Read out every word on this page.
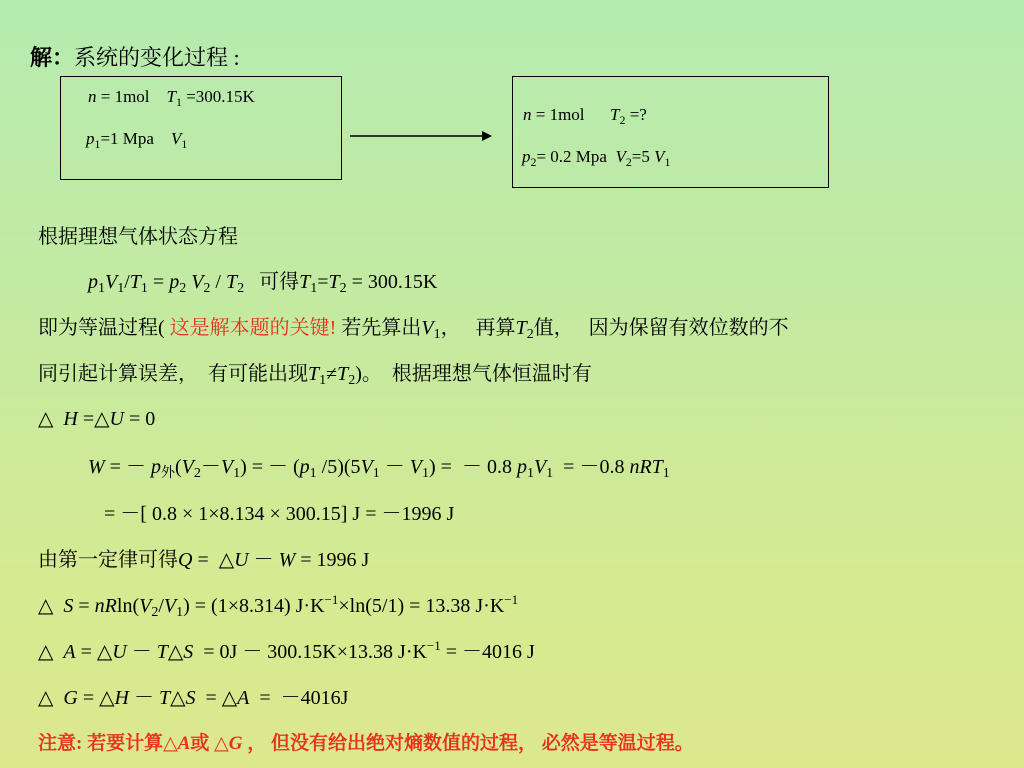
解：系统的变化过程 :
n = 1mol    $T_1 =300.15K$
$p_1=1$ Mpa    $V_1$
n = 1mol      $T_2$ =?
$p_2= 0.2$ Mpa  $V_2=5$ $V_1$
根据理想气体状态方程
$p_1V_1/T_1 = p_2$ $V_2 / T_2$   可得$T_1=T_2 = 300.15K$
即为等温过程( 这是解本题的关键! 若先算出$V_1$，   再算$T_2$值，   因为保留有效位数的不
同引起计算误差，  有可能出现$T_1\ne T_2$)。  根据理想气体恒温时有
△  H =△U = 0
W = － $p_外(V_2-V_1)$ = － ($p_1$ $/5)(5V_1 - V_1)$ =  － 0.8 $p_1V_1 = -0.8$ nRT$_1$
= －[ 0.8 × 1×8.134 × 300.15] J = －1996 J
由第一定律可得Q =  △U － W = 1996 J
△  $S = nRln(V_2/V_1) = (1\times 8.314) J\cdot K^{-1}\times\ln(5/1) = 13.38$ $J\cdot K^{-1}$
△  A = △U － T△S  = 0J － 300.15K×13.38 $J\cdot K^{-1} = -4016$ J
△  G = △H － T△S  = △A  =  －4016J
注意: 若要计算△A或 △G ， 但没有给出绝对熵数值的过程， 必然是等温过程。
